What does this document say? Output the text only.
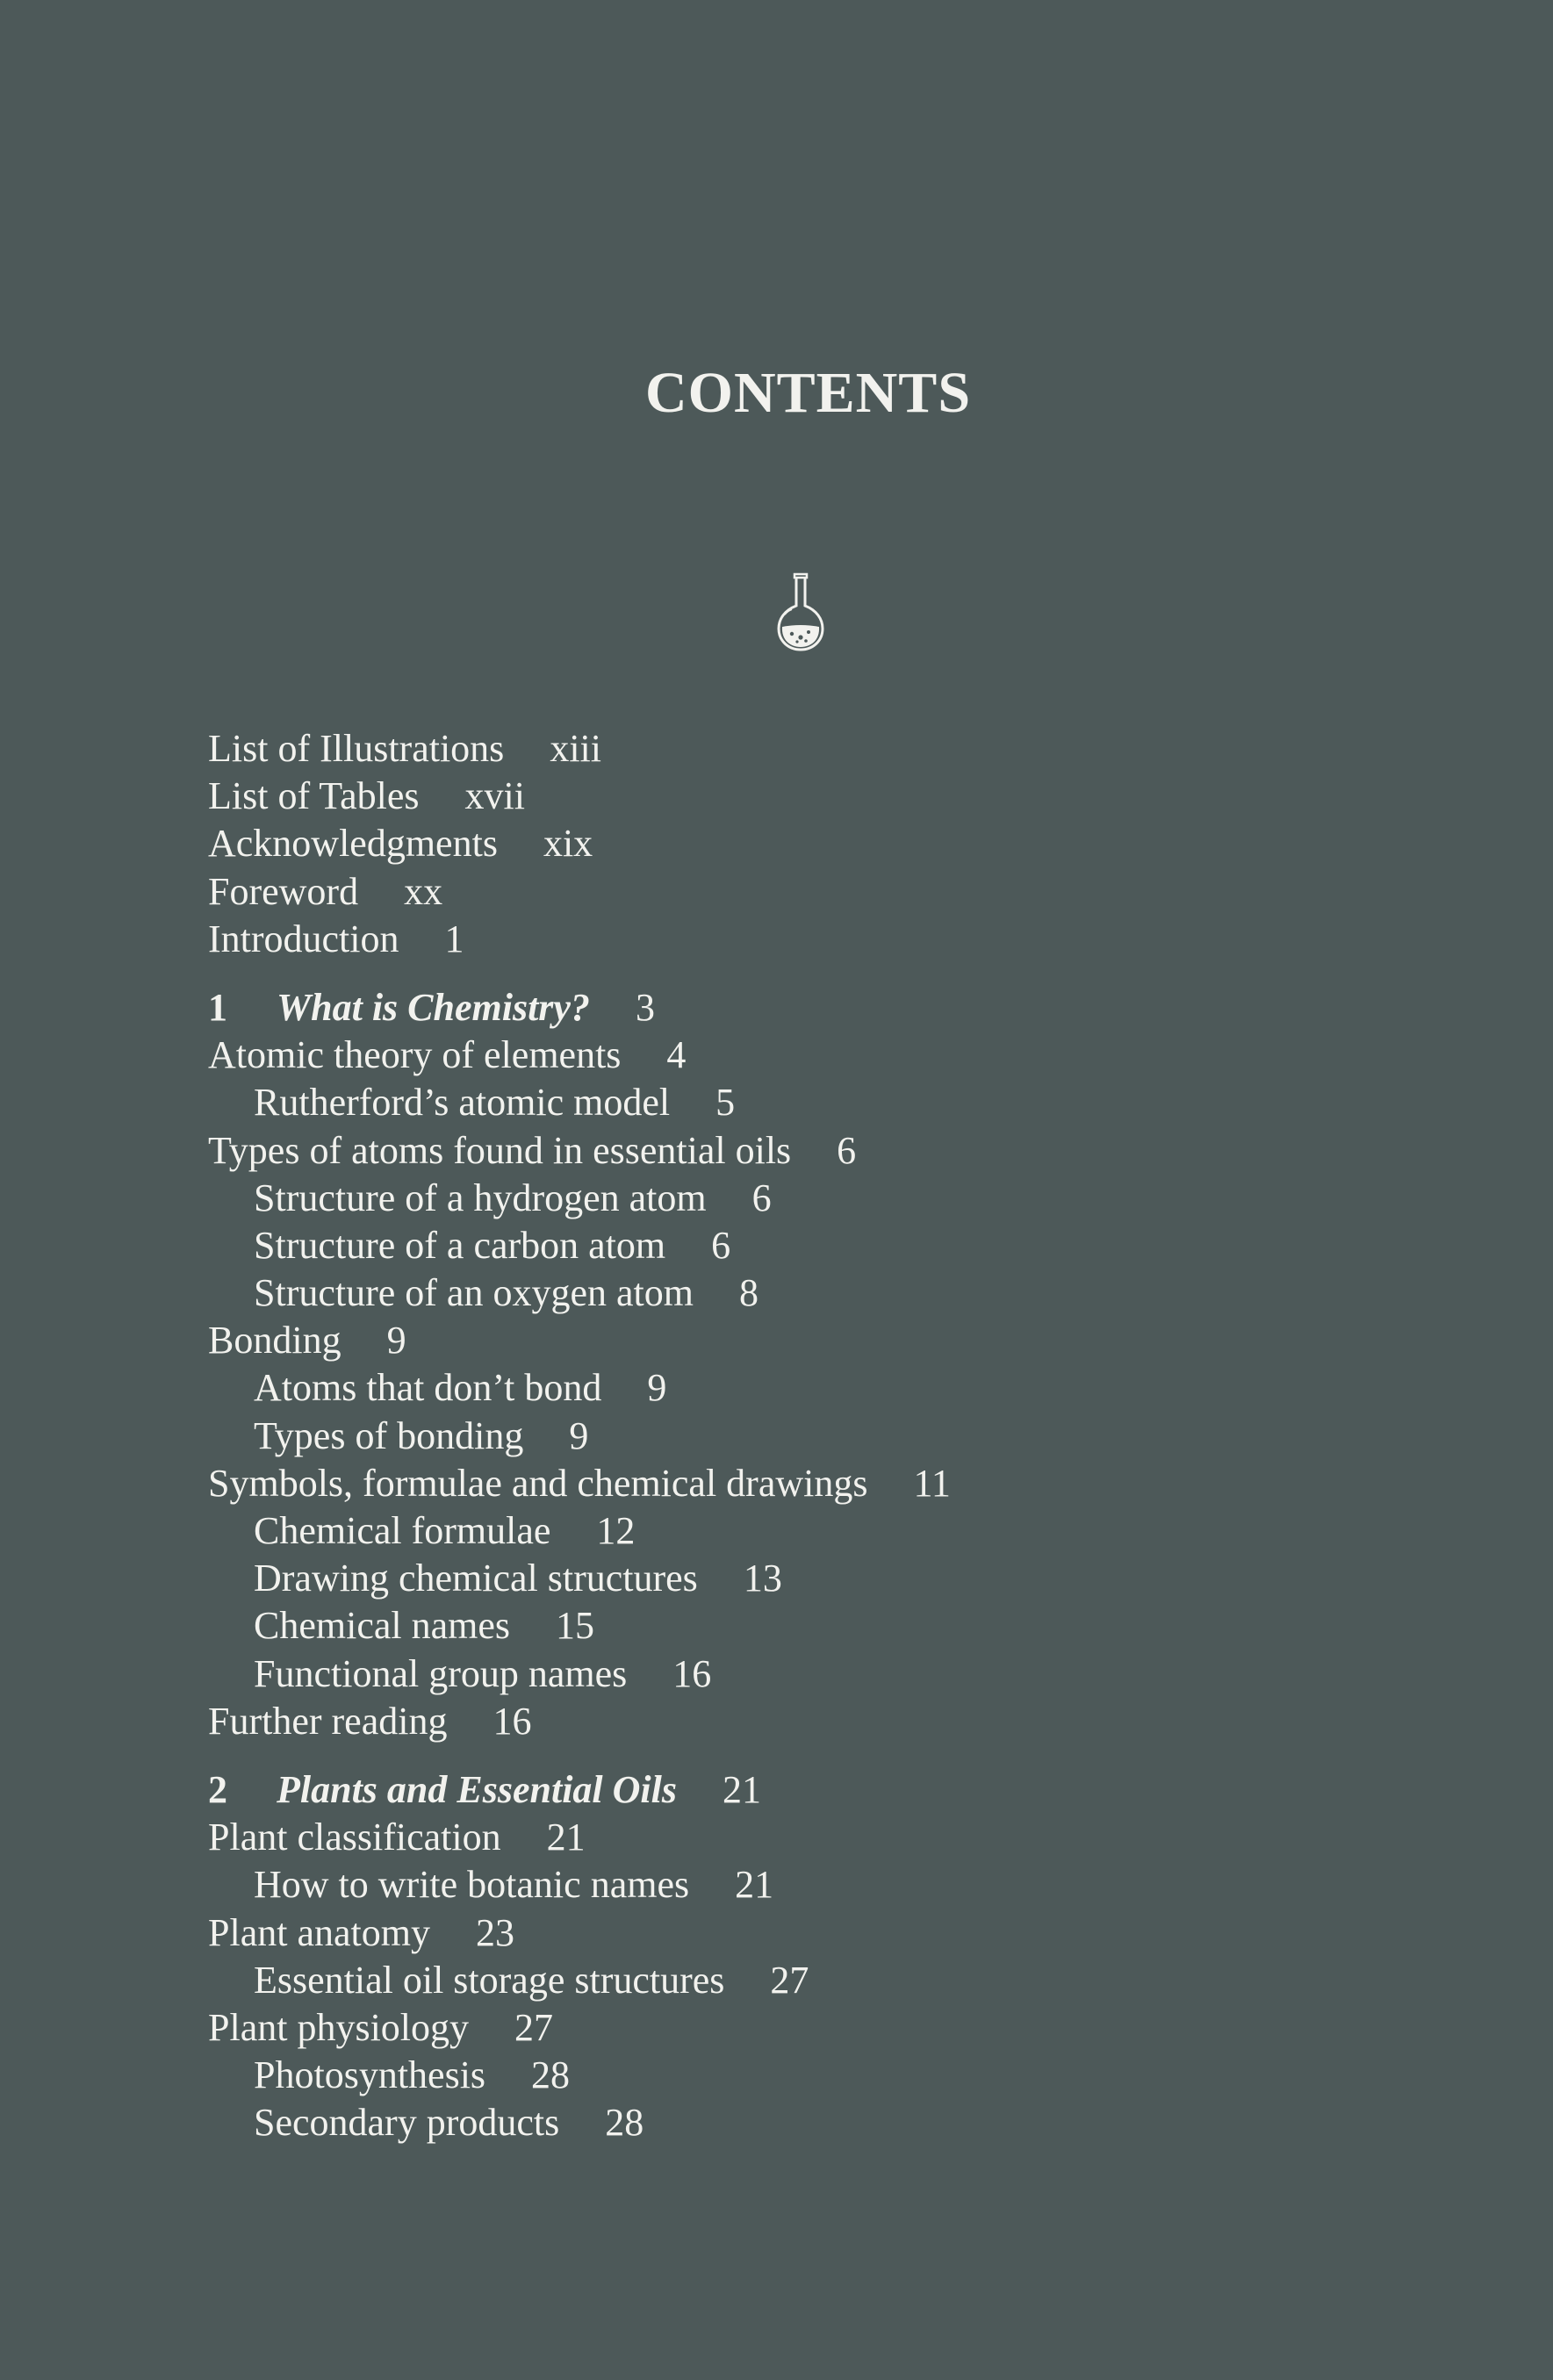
CONTENTS
List of Illustrations xiii
List of Tables xvii
Acknowledgments xix
Foreword xx
Introduction 1
1 What is Chemistry? 3
Atomic theory of elements 4
Rutherford’s atomic model 5
Types of atoms found in essential oils 6
Structure of a hydrogen atom 6
Structure of a carbon atom 6
Structure of an oxygen atom 8
Bonding 9
Atoms that don’t bond 9
Types of bonding 9
Symbols, formulae and chemical drawings 11
Chemical formulae 12
Drawing chemical structures 13
Chemical names 15
Functional group names 16
Further reading 16
2 Plants and Essential Oils 21
Plant classification 21
How to write botanic names 21
Plant anatomy 23
Essential oil storage structures 27
Plant physiology 27
Photosynthesis 28
Secondary products 28
